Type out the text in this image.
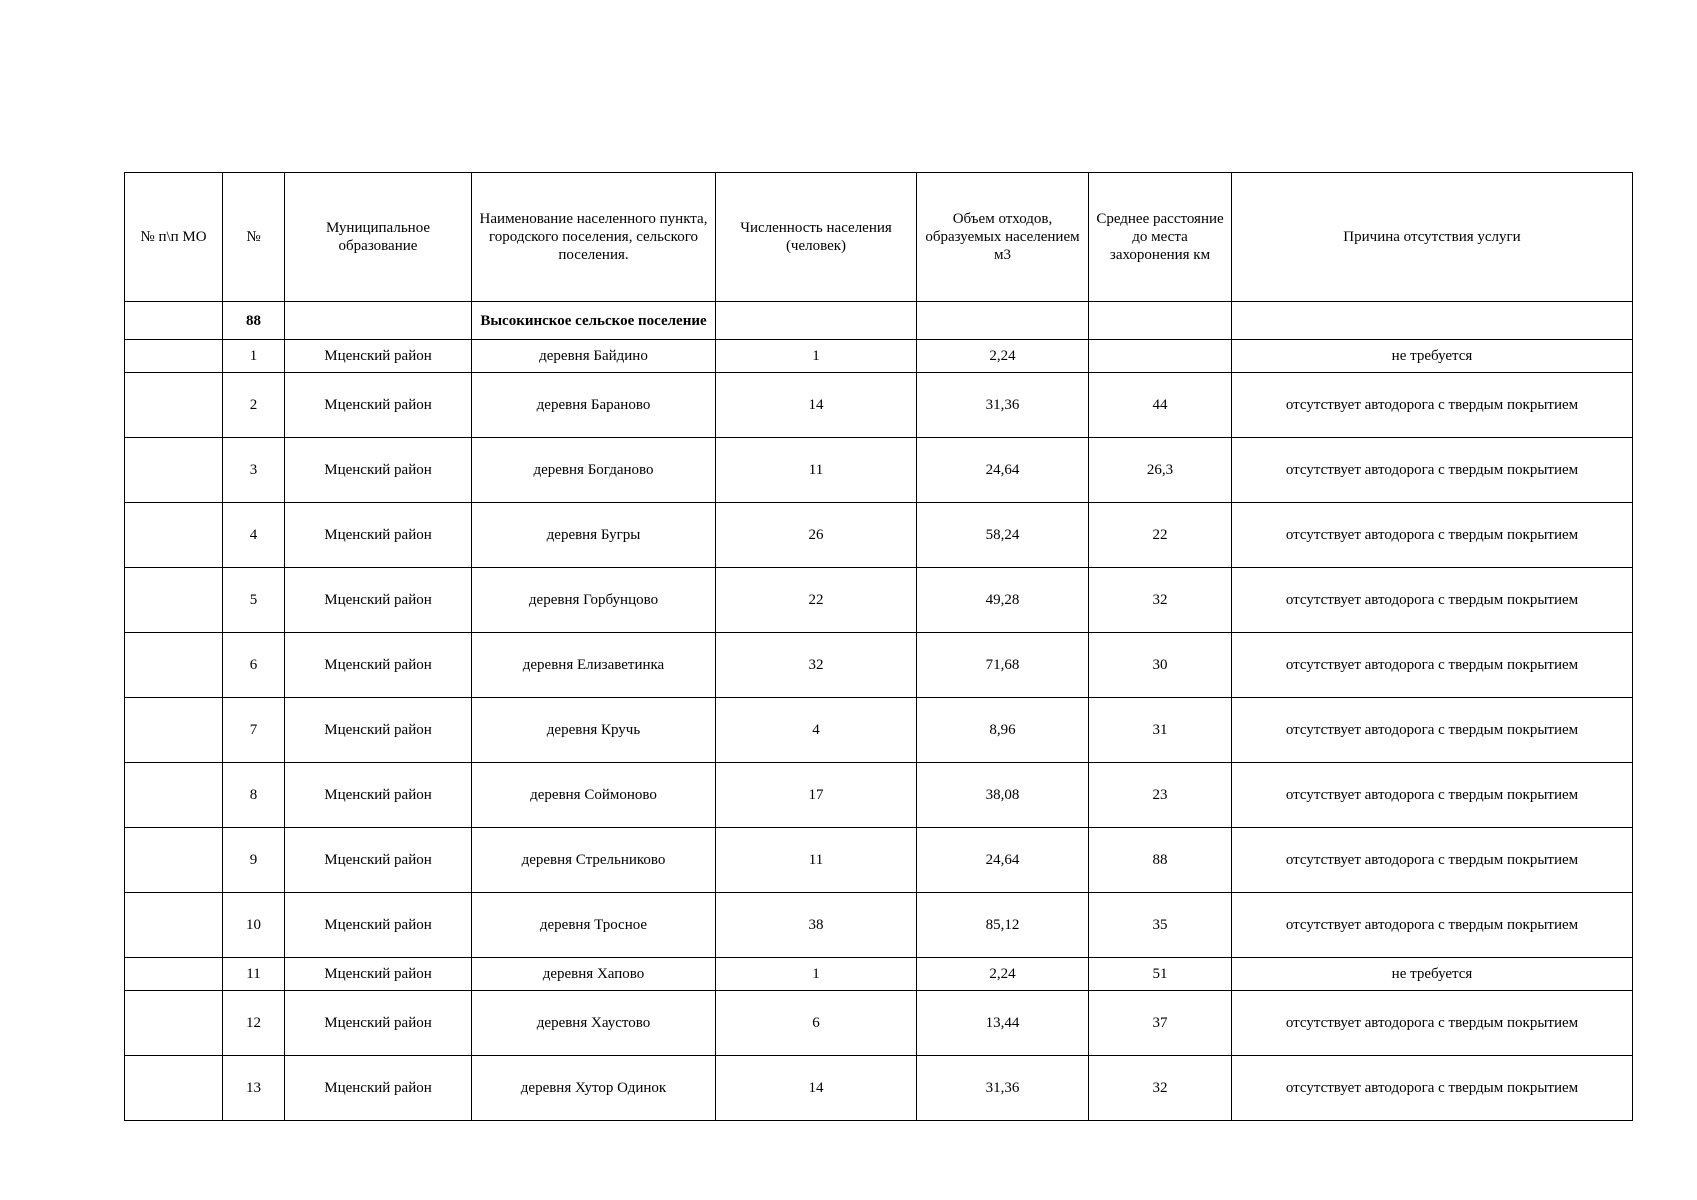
№ п\п МО	№	Муниципальное образование	Наименование населенного пункта, городского поселения, сельского поселения.	Численность населения (человек)	Объем отходов, образуемых населением м3	Среднее расстояние до места захоронения км	Причина отсутствия услуги
	88		Высокинское сельское поселение				
	1	Мценский район	деревня Байдино	1	2,24		не требуется
	2	Мценский район	деревня Бараново	14	31,36	44	отсутствует автодорога с твердым покрытием
	3	Мценский район	деревня Богданово	11	24,64	26,3	отсутствует автодорога с твердым покрытием
	4	Мценский район	деревня Бугры	26	58,24	22	отсутствует автодорога с твердым покрытием
	5	Мценский район	деревня Горбунцово	22	49,28	32	отсутствует автодорога с твердым покрытием
	6	Мценский район	деревня Елизаветинка	32	71,68	30	отсутствует автодорога с твердым покрытием
	7	Мценский район	деревня Кручь	4	8,96	31	отсутствует автодорога с твердым покрытием
	8	Мценский район	деревня Соймоново	17	38,08	23	отсутствует автодорога с твердым покрытием
	9	Мценский район	деревня Стрельниково	11	24,64	88	отсутствует автодорога с твердым покрытием
	10	Мценский район	деревня Тросное	38	85,12	35	отсутствует автодорога с твердым покрытием
	11	Мценский район	деревня Хапово	1	2,24	51	не требуется
	12	Мценский район	деревня Хаустово	6	13,44	37	отсутствует автодорога с твердым покрытием
	13	Мценский район	деревня Хутор Одинок	14	31,36	32	отсутствует автодорога с твердым покрытием
